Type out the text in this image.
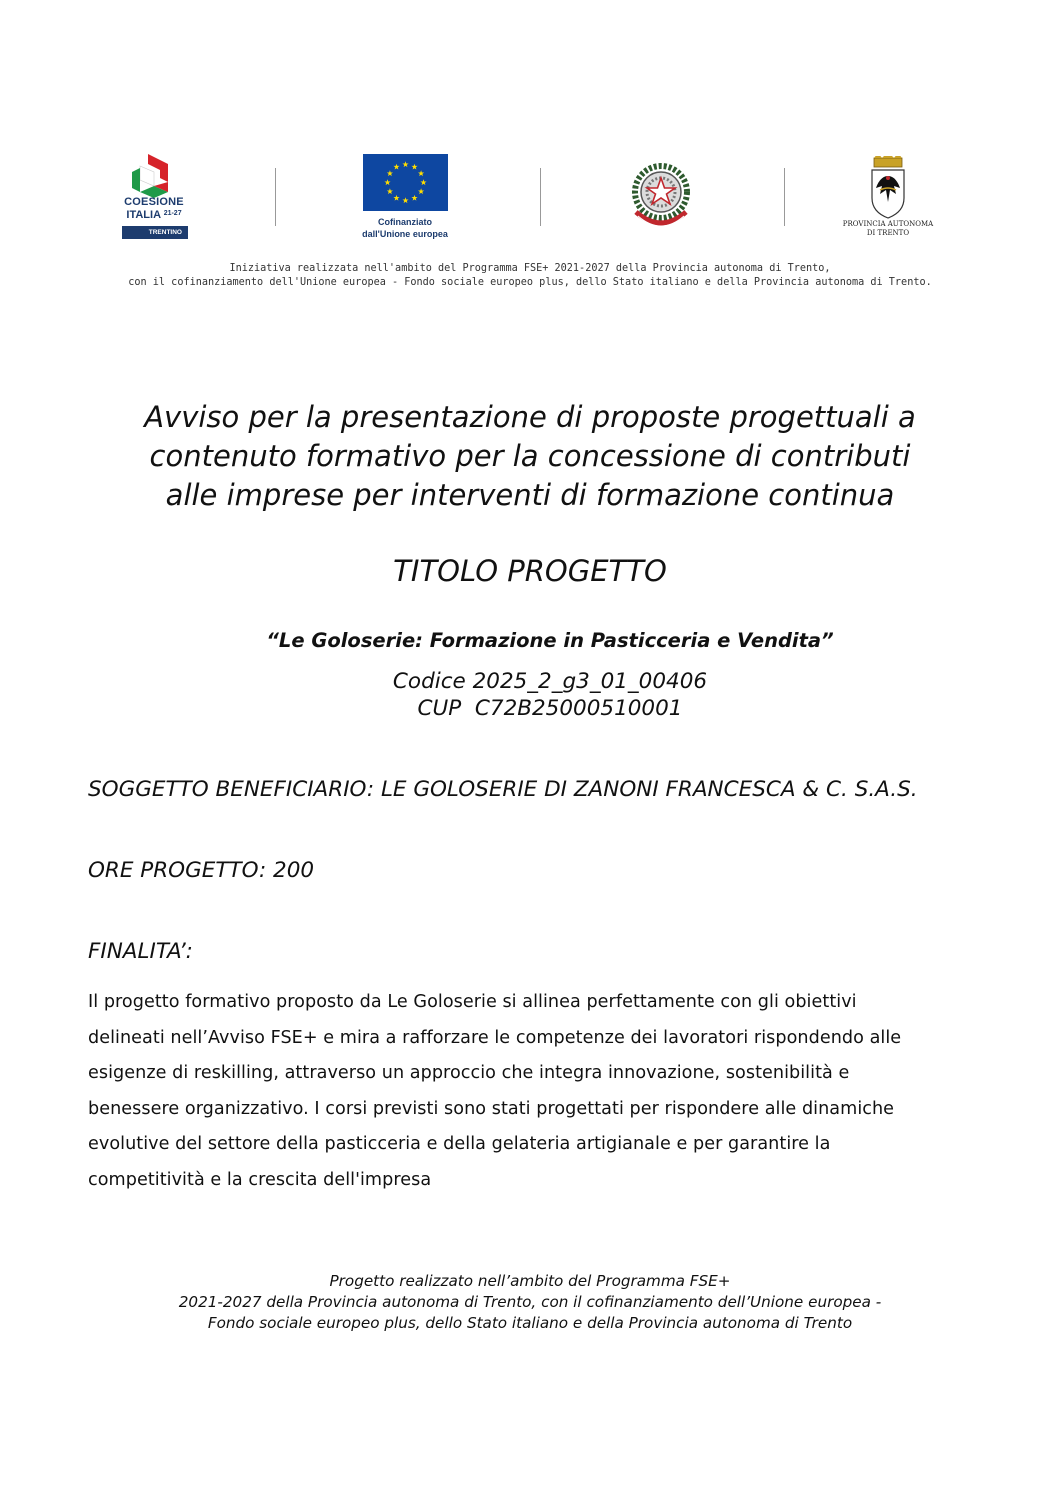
COESIONE
ITALIA $^{21-27}$
TRENTINO
Cofinanziato
dall'Unione europea
PROVINCIA AUTONOMA
DI TRENTO
Iniziativa realizzata nell'ambito del Programma FSE+ 2021-2027 della Provincia autonoma di Trento,
con il cofinanziamento dell'Unione europea - Fondo sociale europeo plus, dello Stato italiano e della Provincia autonoma di Trento.
Avviso per la presentazione di proposte progettuali a
contenuto formativo per la concessione di contributi
alle imprese per interventi di formazione continua
TITOLO PROGETTO
“Le Goloserie: Formazione in Pasticceria e Vendita”
Codice 2025_2_g3_01_00406
CUP  C72B25000510001
SOGGETTO BENEFICIARIO: LE GOLOSERIE DI ZANONI FRANCESCA & C. S.A.S.
ORE PROGETTO: 200
FINALITA’:
Il progetto formativo proposto da Le Goloserie si allinea perfettamente con gli obiettivi
delineati nell’Avviso FSE+ e mira a rafforzare le competenze dei lavoratori rispondendo alle
esigenze di reskilling, attraverso un approccio che integra innovazione, sostenibilità e
benessere organizzativo. I corsi previsti sono stati progettati per rispondere alle dinamiche
evolutive del settore della pasticceria e della gelateria artigianale e per garantire la
competitività e la crescita dell'impresa
Progetto realizzato nell’ambito del Programma FSE+
2021-2027 della Provincia autonoma di Trento, con il cofinanziamento dell’Unione europea -
Fondo sociale europeo plus, dello Stato italiano e della Provincia autonoma di Trento
